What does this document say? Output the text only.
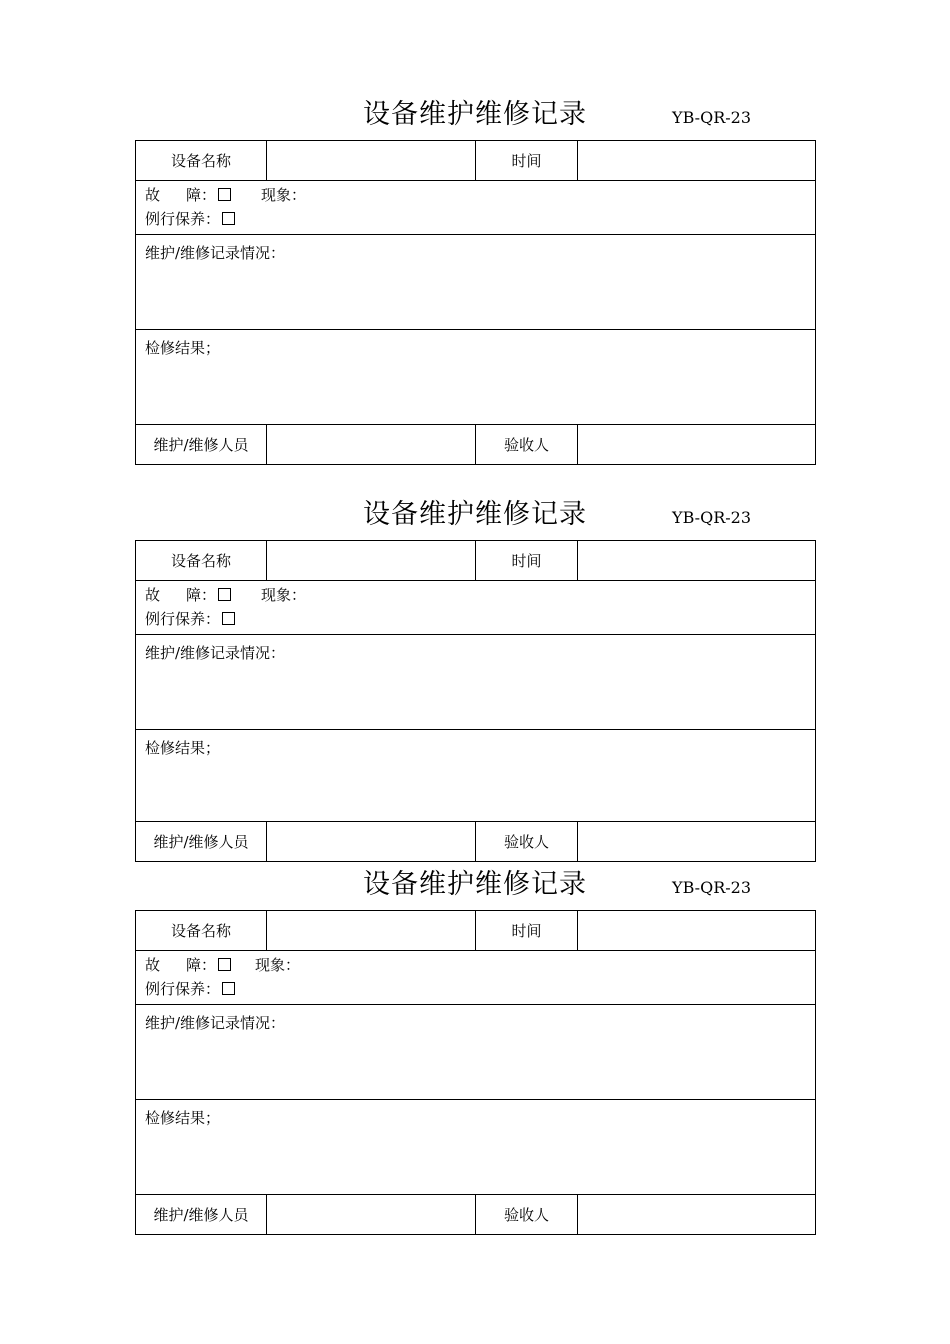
设备维护维修记录	YB-QR-23
设备名称		时间	

故 障： 现象：
例行保养：			

维护/维修记录情况：			
检修结果；			
维护/维修人员		验收人	
设备维护维修记录	YB-QR-23
设备名称		时间	

故 障： 现象：
例行保养：			

维护/维修记录情况：			
检修结果；			
维护/维修人员		验收人	
设备维护维修记录	YB-QR-23
设备名称		时间	

故 障： 现象：
例行保养：			

维护/维修记录情况：			
检修结果；			
维护/维修人员		验收人	
